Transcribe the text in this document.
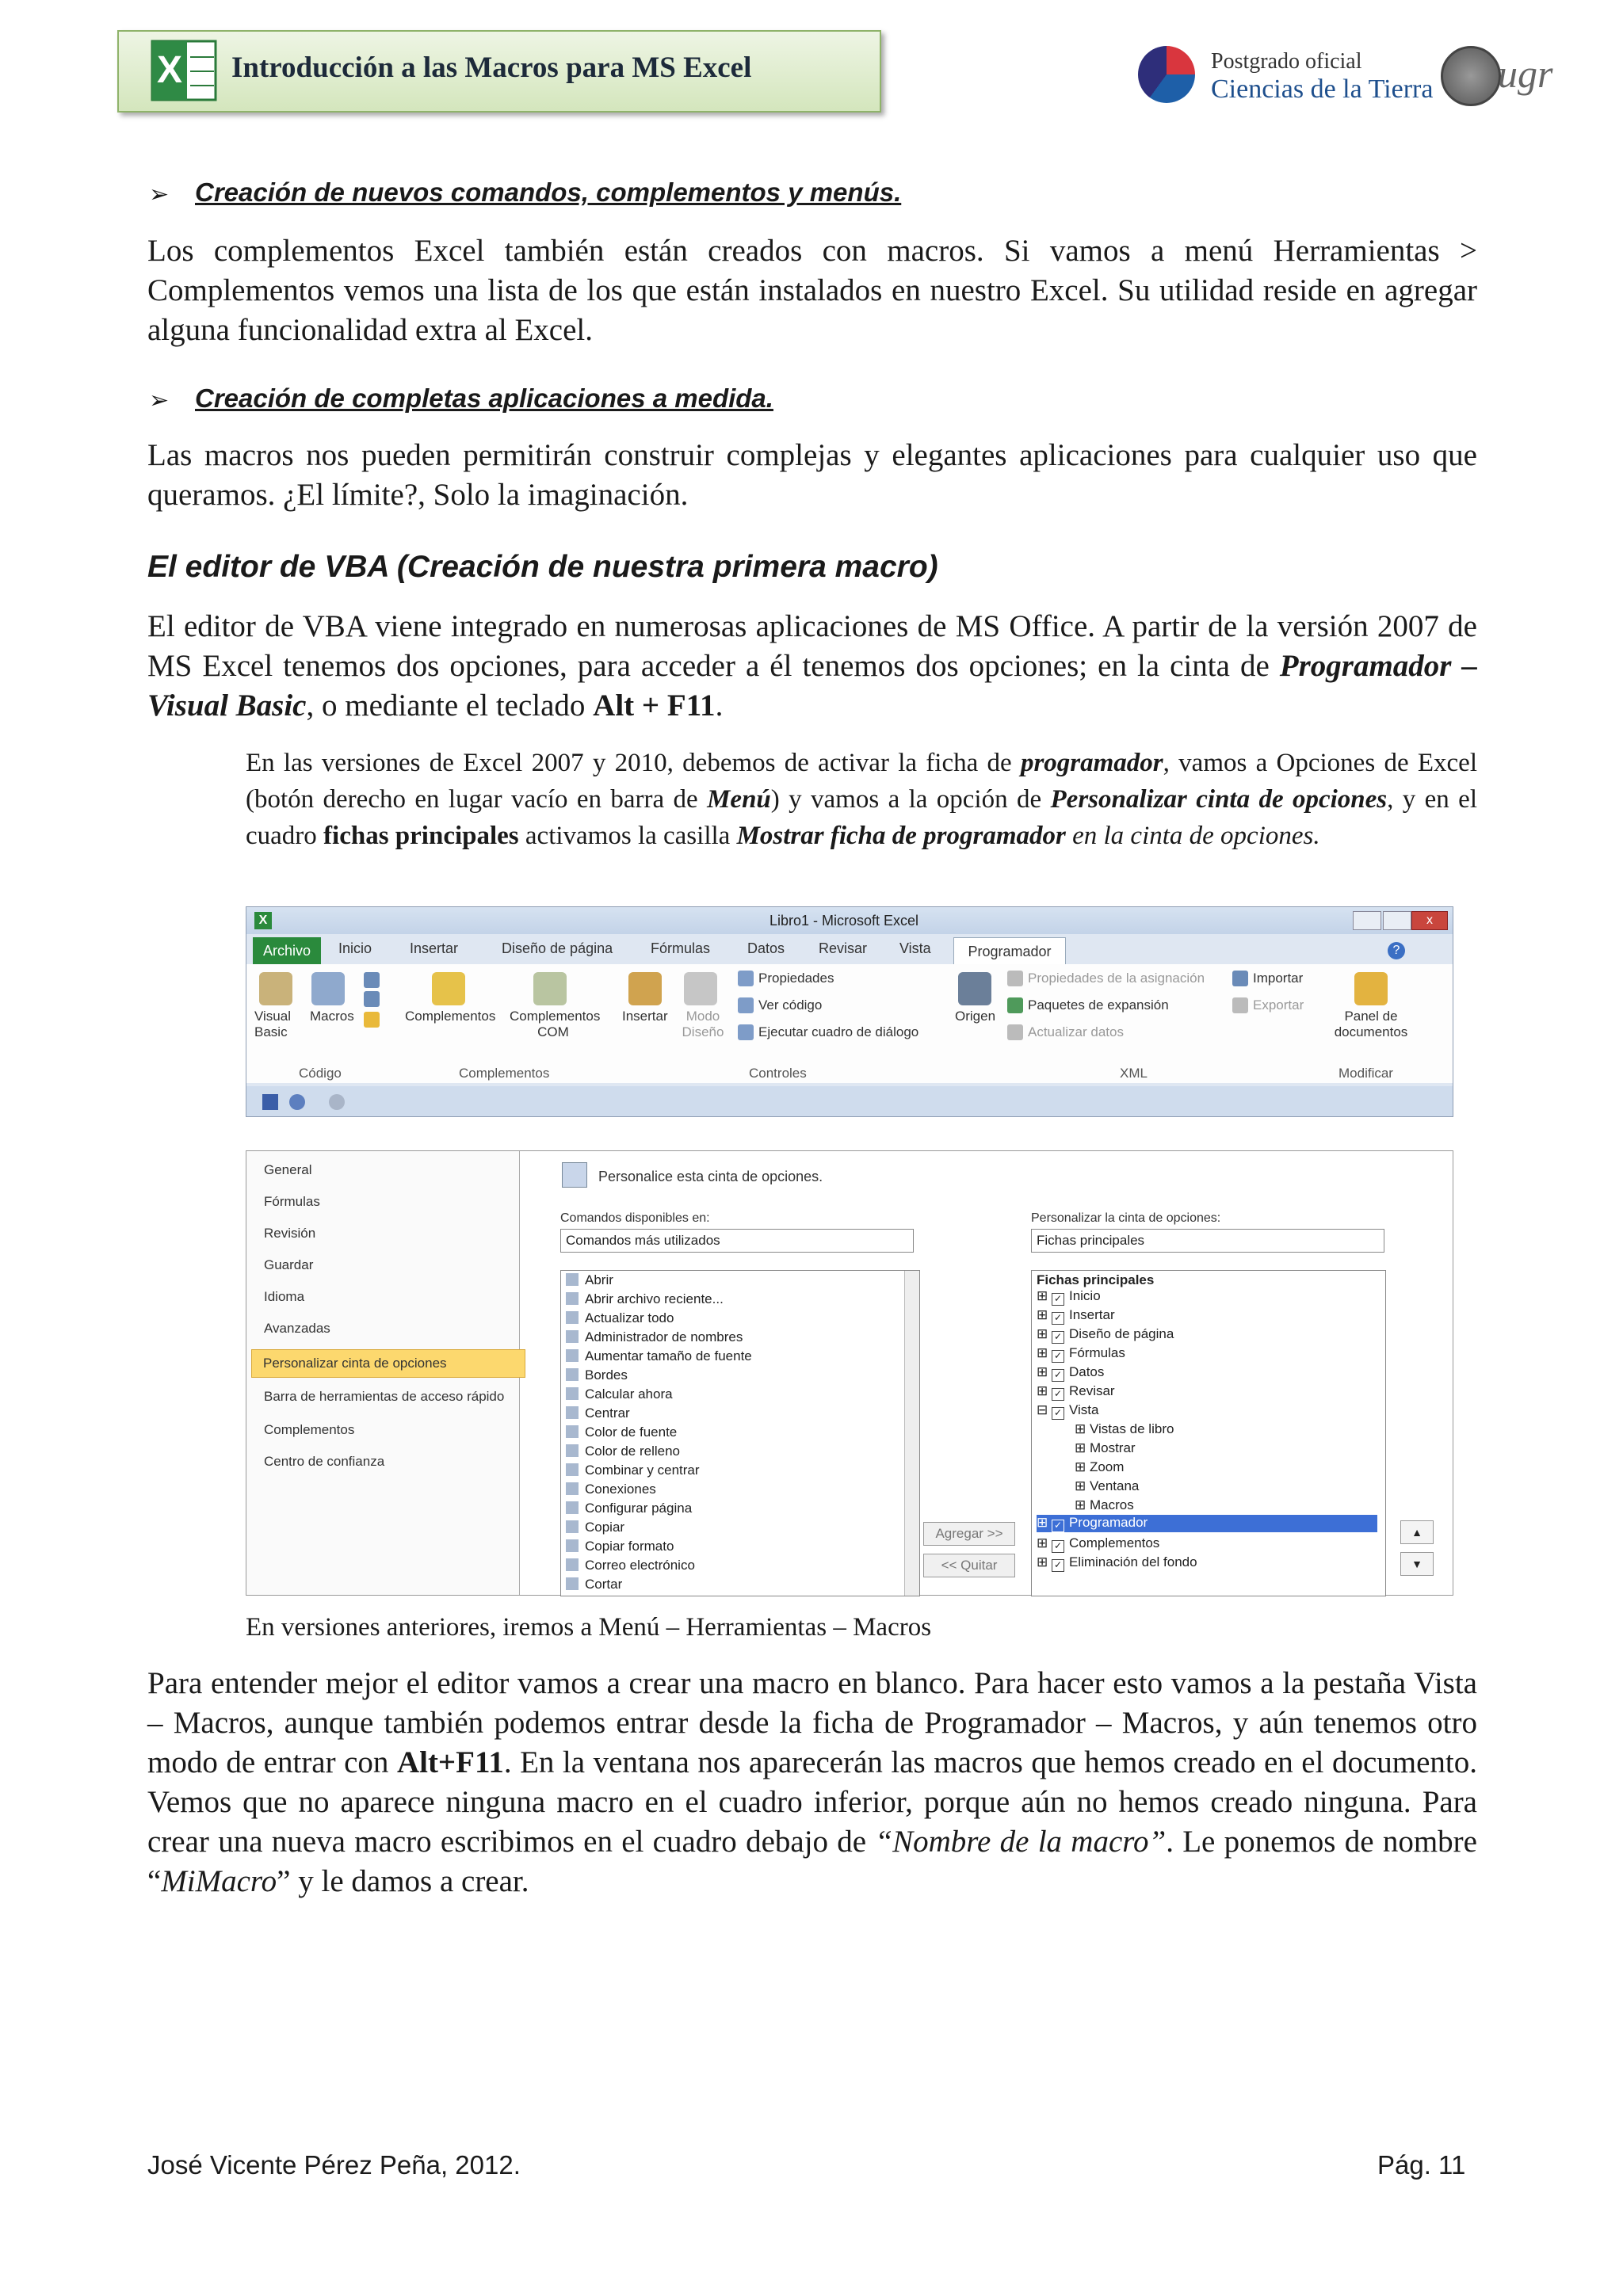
X Introducción a las Macros para MS Excel	Postgrado oficial
Ciencias de la Tierra ugr
➢ Creación de nuevos comandos, complementos y menús.
Los complementos Excel también están creados con macros. Si vamos a menú Herramientas > Complementos vemos una lista de los que están instalados en nuestro Excel. Su utilidad reside en agregar alguna funcionalidad extra al Excel.
➢ Creación de completas aplicaciones a medida.
Las macros nos pueden permitirán construir complejas y elegantes aplicaciones para cualquier uso que queramos. ¿El límite?, Solo la imaginación.
El editor de VBA (Creación de nuestra primera macro)
El editor de VBA viene integrado en numerosas aplicaciones de MS Office. A partir de la versión 2007 de MS Excel tenemos dos opciones, para acceder a él tenemos dos opciones; en la cinta de Programador – Visual Basic, o mediante el teclado Alt + F11.
En las versiones de Excel 2007 y 2010, debemos de activar la ficha de programador, vamos a Opciones de Excel (botón derecho en lugar vacío en barra de Menú) y vamos a la opción de Personalizar cinta de opciones, y en el cuadro fichas principales activamos la casilla Mostrar ficha de programador en la cinta de opciones.
X	Libro1 - Microsoft Excel	x
Archivo	Inicio	Insertar	Diseño de página	Fórmulas	Datos Revisar Vista	Programador	?
Visual Basic
Macros
Código
Complementos Complementos COM
Complementos
Insertar	Modo Diseño
Propiedades
Ver código
Ejecutar cuadro de diálogo
Controles
Origen
Propiedades de la asignación
Paquetes de expansión
Actualizar datos
Importar
Exportar
XML
Panel de documentos
Modificar
General
Fórmulas
Revisión
Guardar
Idioma
Avanzadas
Personalizar cinta de opciones
Barra de herramientas de acceso rápido
Complementos
Centro de confianza
Personalice esta cinta de opciones.
Comandos disponibles en:
Comandos más utilizados
Personalizar la cinta de opciones:
Fichas principales
Abrir
Abrir archivo reciente...
Actualizar todo
Administrador de nombres
Aumentar tamaño de fuente
Bordes
Calcular ahora
Centrar
Color de fuente
Color de relleno
Combinar y centrar
Conexiones
Configurar página
Copiar
Copiar formato
Correo electrónico
Cortar
Agregar >>
<< Quitar
Fichas principales
⊞ ✓ Inicio
⊞ ✓ Insertar
⊞ ✓ Diseño de página
⊞ ✓ Fórmulas
⊞ ✓ Datos
⊞ ✓ Revisar
⊟ ✓ Vista
⊞ Vistas de libro
⊞ Mostrar
⊞ Zoom
⊞ Ventana
⊞ Macros
⊞ ✓ Programador
⊞ ✓ Complementos
⊞ ✓ Eliminación del fondo
▲
▼
En versiones anteriores, iremos a Menú – Herramientas – Macros
Para entender mejor el editor vamos a crear una macro en blanco. Para hacer esto vamos a la pestaña Vista – Macros, aunque también podemos entrar desde la ficha de Programador – Macros, y aún tenemos otro modo de entrar con Alt+F11. En la ventana nos aparecerán las macros que hemos creado en el documento. Vemos que no aparece ninguna macro en el cuadro inferior, porque aún no hemos creado ninguna. Para crear una nueva macro escribimos en el cuadro debajo de “Nombre de la macro”. Le ponemos de nombre “MiMacro” y le damos a crear.
José Vicente Pérez Peña, 2012.	Pág. 11
